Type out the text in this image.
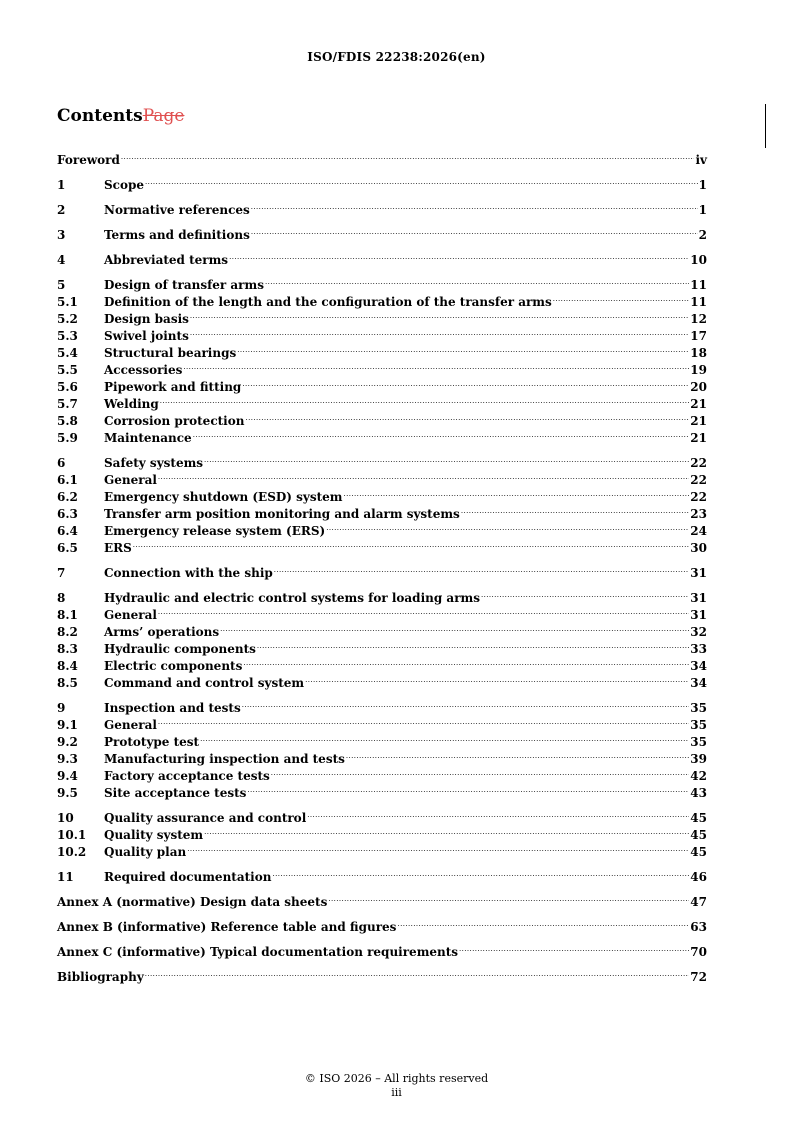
ISO/FDIS 22238:2026(en)
ContentsPage
Foreword .....	iv
1	Scope .....	1
2	Normative references .....	1
3	Terms and definitions .....	2
4	Abbreviated terms .....	10
5	Design of transfer arms .....	11
5.1	Definition of the length and the configuration of the transfer arms .....	11
5.2	Design basis .....	12
5.3	Swivel joints .....	17
5.4	Structural bearings .....	18
5.5	Accessories .....	19
5.6	Pipework and fitting .....	20
5.7	Welding .....	21
5.8	Corrosion protection .....	21
5.9	Maintenance .....	21
6	Safety systems .....	22
6.1	General .....	22
6.2	Emergency shutdown (ESD) system .....	22
6.3	Transfer arm position monitoring and alarm systems .....	23
6.4	Emergency release system (ERS) .....	24
6.5	ERS .....	30
7	Connection with the ship .....	31
8	Hydraulic and electric control systems for loading arms .....	31
8.1	General .....	31
8.2	Arms’ operations .....	32
8.3	Hydraulic components .....	33
8.4	Electric components .....	34
8.5	Command and control system .....	34
9	Inspection and tests .....	35
9.1	General .....	35
9.2	Prototype test .....	35
9.3	Manufacturing inspection and tests .....	39
9.4	Factory acceptance tests .....	42
9.5	Site acceptance tests .....	43
10	Quality assurance and control .....	45
10.1	Quality system .....	45
10.2	Quality plan .....	45
11	Required documentation .....	46
Annex A (normative) Design data sheets .....	47
Annex B (informative) Reference table and figures .....	63
Annex C (informative) Typical documentation requirements .....	70
Bibliography .....	72
© ISO 2026 – All rights reserved
iii
